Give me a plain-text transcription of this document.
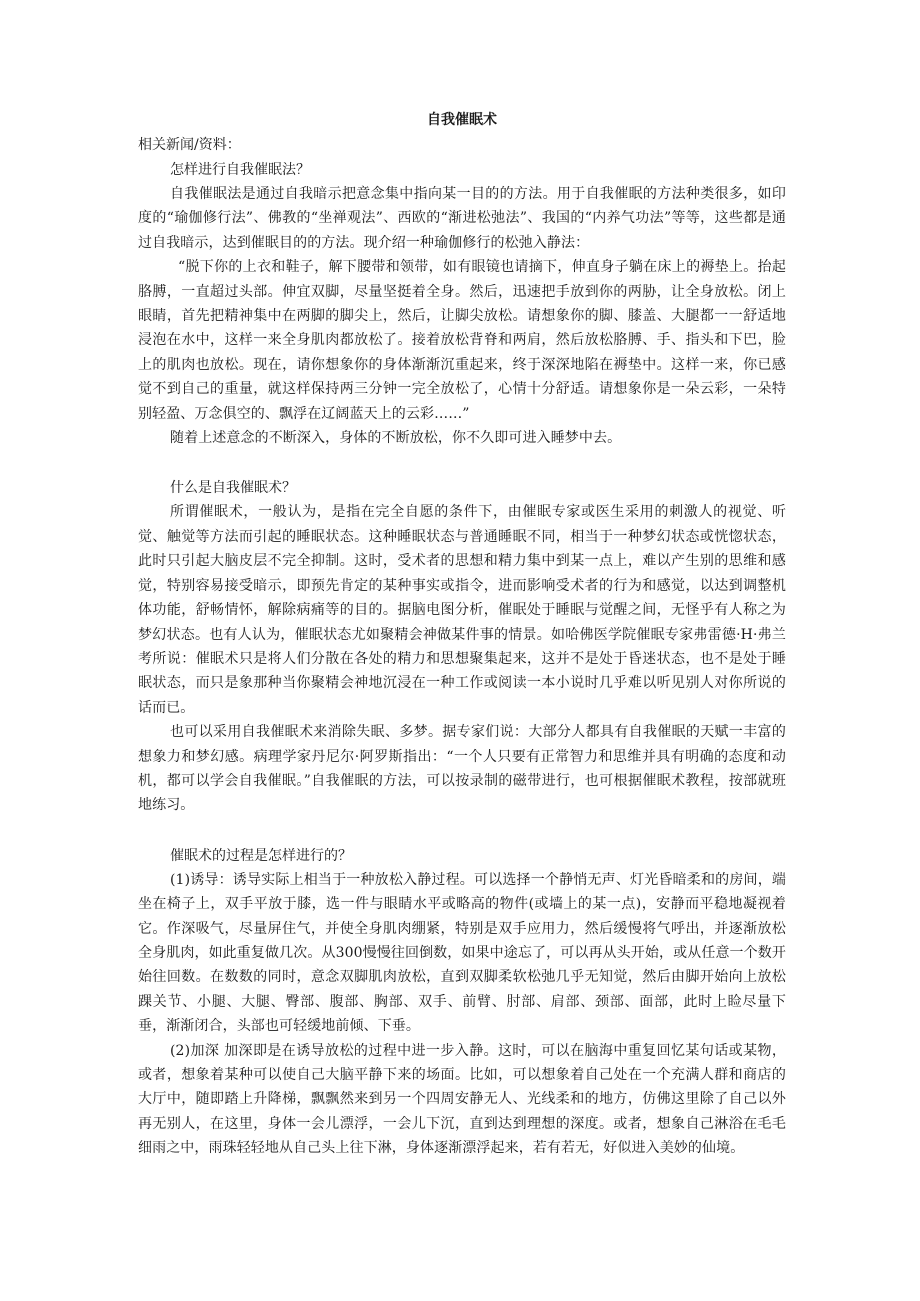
自我催眠术

相关新闻/资料：

怎样进行自我催眠法？

自我催眠法是通过自我暗示把意念集中指向某一目的的方法。用于自我催眠的方法种类很多，如印度的“瑜伽修行法”、佛教的“坐禅观法”、西欧的“渐进松弛法”、我国的“内养气功法”等等，这些都是通过自我暗示，达到催眠目的的方法。现介绍一种瑜伽修行的松弛入静法：

“脱下你的上衣和鞋子，解下腰带和领带，如有眼镜也请摘下，伸直身子躺在床上的褥垫上。抬起胳膊，一直超过头部。伸宜双脚，尽量坚挺着全身。然后，迅速把手放到你的两胁，让全身放松。闭上眼睛，首先把精神集中在两脚的脚尖上，然后，让脚尖放松。请想象你的脚、膝盖、大腿都一一舒适地浸泡在水中，这样一来全身肌肉都放松了。接着放松背脊和两肩，然后放松胳膊、手、指头和下巴，脸上的肌肉也放松。现在，请你想象你的身体渐渐沉重起来，终于深深地陷在褥垫中。这样一来，你已感觉不到自己的重量，就这样保持两三分钟一完全放松了，心情十分舒适。请想象你是一朵云彩，一朵特别轻盈、万念俱空的、飘浮在辽阔蓝天上的云彩……”

随着上述意念的不断深入，身体的不断放松，你不久即可进入睡梦中去。

什么是自我催眠术？

所谓催眠术，一般认为，是指在完全自愿的条件下，由催眠专家或医生采用的刺激人的视觉、听觉、触觉等方法而引起的睡眠状态。这种睡眠状态与普通睡眠不同，相当于一种梦幻状态或恍惚状态，此时只引起大脑皮层不完全抑制。这时，受术者的思想和精力集中到某一点上，难以产生别的思维和感觉，特别容易接受暗示，即预先肯定的某种事实或指令，进而影响受术者的行为和感觉，以达到调整机体功能，舒畅情怀，解除病痛等的目的。据脑电图分析，催眠处于睡眠与觉醒之间，无怪乎有人称之为梦幻状态。也有人认为，催眠状态尤如聚精会神做某件事的情景。如哈佛医学院催眠专家弗雷德·H·弗兰考所说：催眠术只是将人们分散在各处的精力和思想聚集起来，这并不是处于昏迷状态，也不是处于睡眠状态，而只是象那种当你聚精会神地沉浸在一种工作或阅读一本小说时几乎难以听见别人对你所说的话而已。

也可以采用自我催眠术来消除失眠、多梦。据专家们说：大部分人都具有自我催眠的天赋一丰富的想象力和梦幻感。病理学家丹尼尔·阿罗斯指出：“一个人只要有正常智力和思维并具有明确的态度和动机，都可以学会自我催眠。”自我催眠的方法，可以按录制的磁带进行，也可根据催眠术教程，按部就班地练习。

催眠术的过程是怎样进行的？

(1)诱导：诱导实际上相当于一种放松入静过程。可以选择一个静悄无声、灯光昏暗柔和的房间，端坐在椅子上，双手平放于膝，选一件与眼睛水平或略高的物件(或墙上的某一点)，安静而平稳地凝视着它。作深吸气，尽量屏住气，并使全身肌肉绷紧，特别是双手应用力，然后缓慢将气呼出，并逐渐放松全身肌肉，如此重复做几次。从300慢慢往回倒数，如果中途忘了，可以再从头开始，或从任意一个数开始往回数。在数数的同时，意念双脚肌肉放松，直到双脚柔软松弛几乎无知觉，然后由脚开始向上放松踝关节、小腿、大腿、臀部、腹部、胸部、双手、前臂、肘部、肩部、颈部、面部，此时上睑尽量下垂，渐渐闭合，头部也可轻缓地前倾、下垂。

(2)加深 加深即是在诱导放松的过程中进一步入静。这时，可以在脑海中重复回忆某句话或某物，或者，想象着某种可以使自己大脑平静下来的场面。比如，可以想象着自己处在一个充满人群和商店的大厅中，随即踏上升降梯，飘飘然来到另一个四周安静无人、光线柔和的地方，仿佛这里除了自己以外再无别人，在这里，身体一会儿漂浮，一会儿下沉，直到达到理想的深度。或者，想象自己淋浴在毛毛细雨之中，雨珠轻轻地从自己头上往下淋，身体逐渐漂浮起来，若有若无，好似进入美妙的仙境。
